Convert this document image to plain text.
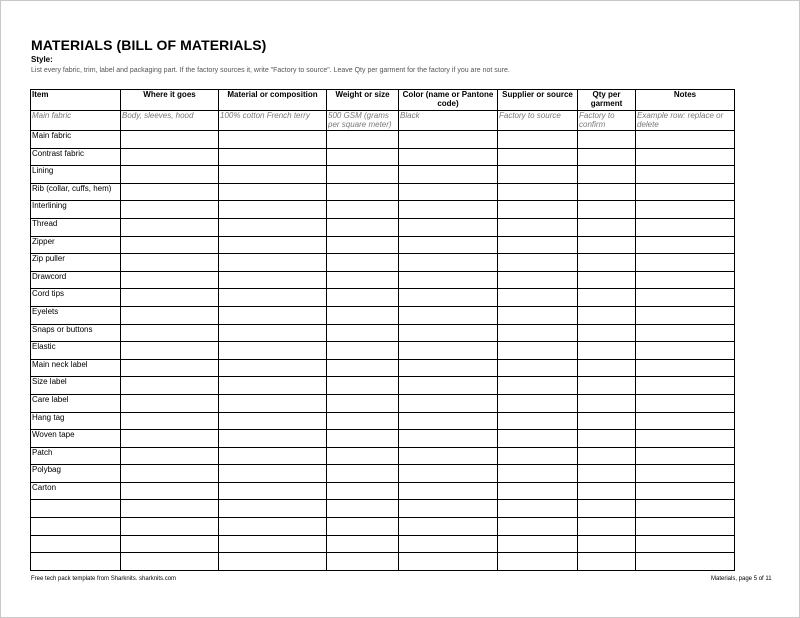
MATERIALS (BILL OF MATERIALS)
Style:
List every fabric, trim, label and packaging part. If the factory sources it, write "Factory to source". Leave Qty per garment for the factory if you are not sure.
Item	Where it goes	Material or composition	Weight or size	Color (name or Pantone code)	Supplier or source	Qty per garment	Notes
Main fabric	Body, sleeves, hood	100% cotton French terry	500 GSM (grams per square meter)	Black	Factory to source	Factory to confirm	Example row: replace or delete
Main fabric							
Contrast fabric							
Lining							
Rib (collar, cuffs, hem)							
Interlining							
Thread							
Zipper							
Zip puller							
Drawcord							
Cord tips							
Eyelets							
Snaps or buttons							
Elastic							
Main neck label							
Size label							
Care label							
Hang tag							
Woven tape							
Patch							
Polybag							
Carton							

Free tech pack template from Sharknits. sharknits.com	Materials, page 5 of 11
